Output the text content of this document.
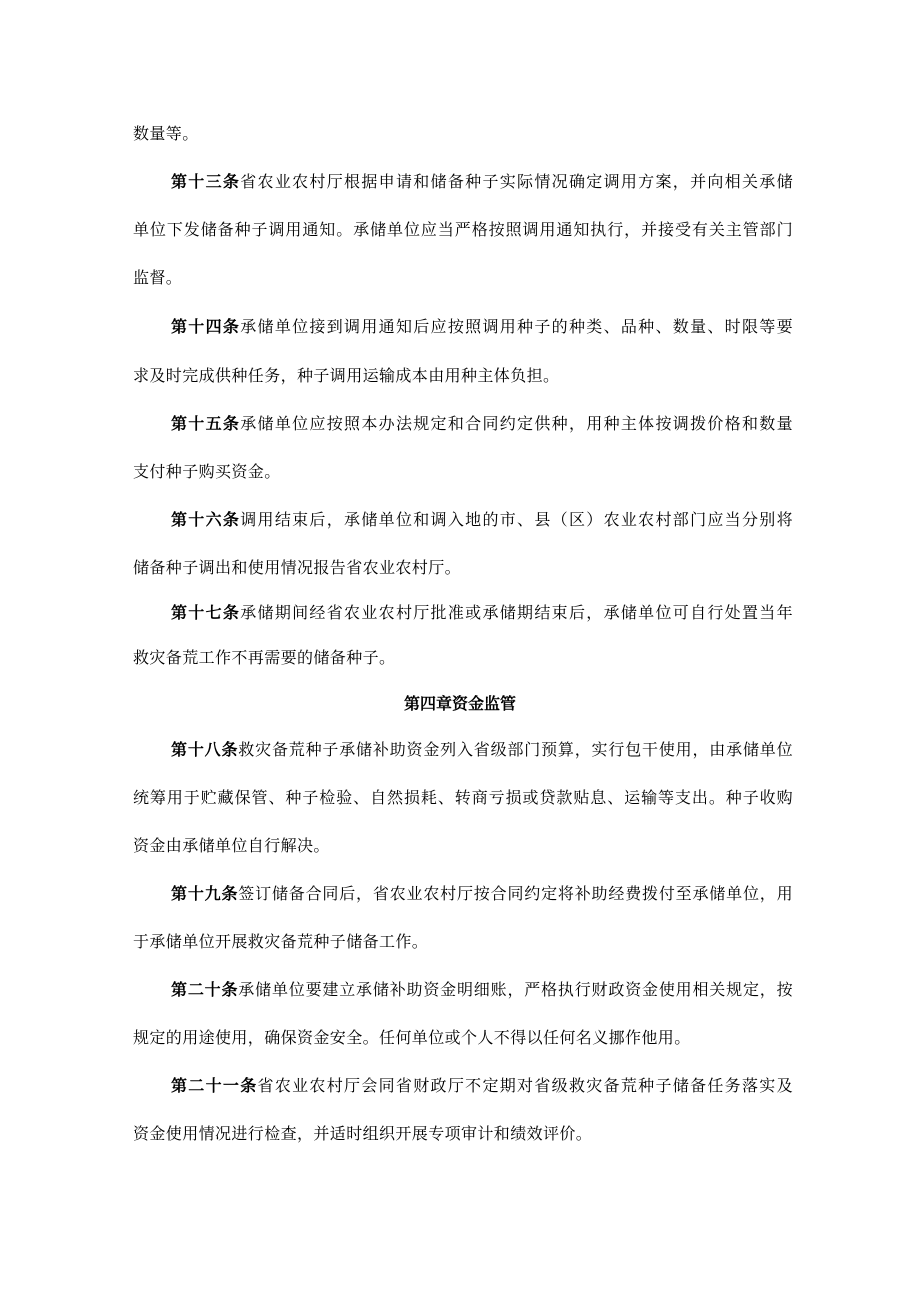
数量等。
第十三条省农业农村厅根据申请和储备种子实际情况确定调用方案，并向相关承储
单位下发储备种子调用通知。承储单位应当严格按照调用通知执行，并接受有关主管部门
监督。
第十四条承储单位接到调用通知后应按照调用种子的种类、品种、数量、时限等要
求及时完成供种任务，种子调用运输成本由用种主体负担。
第十五条承储单位应按照本办法规定和合同约定供种，用种主体按调拨价格和数量
支付种子购买资金。
第十六条调用结束后，承储单位和调入地的市、县（区）农业农村部门应当分别将
储备种子调出和使用情况报告省农业农村厅。
第十七条承储期间经省农业农村厅批准或承储期结束后，承储单位可自行处置当年
救灾备荒工作不再需要的储备种子。
第四章资金监管
第十八条救灾备荒种子承储补助资金列入省级部门预算，实行包干使用，由承储单位
统筹用于贮藏保管、种子检验、自然损耗、转商亏损或贷款贴息、运输等支出。种子收购
资金由承储单位自行解决。
第十九条签订储备合同后，省农业农村厅按合同约定将补助经费拨付至承储单位，用
于承储单位开展救灾备荒种子储备工作。
第二十条承储单位要建立承储补助资金明细账，严格执行财政资金使用相关规定，按
规定的用途使用，确保资金安全。任何单位或个人不得以任何名义挪作他用。
第二十一条省农业农村厅会同省财政厅不定期对省级救灾备荒种子储备任务落实及
资金使用情况进行检查，并适时组织开展专项审计和绩效评价。
